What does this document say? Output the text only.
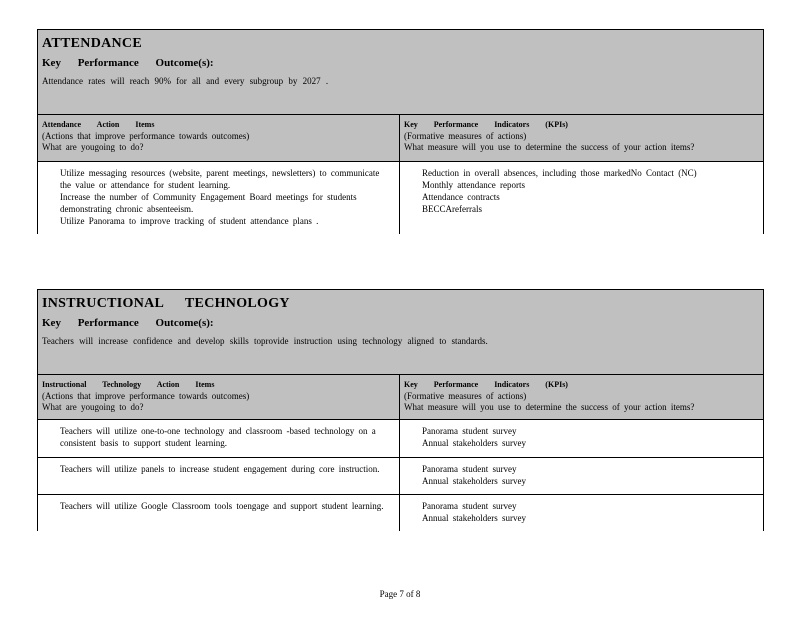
ATTENDANCE
Key Performance Outcome(s):
Attendance rates will reach 90% for all and every subgroup by 2027 .
Attendance Action Items
(Actions that improve performance towards outcomes)
What are yougoing to do?
Key Performance Indicators (KPIs)
(Formative measures of actions)
What measure will you use to determine the success of your action items?
Utilize messaging resources (website, parent meetings, newsletters) to communicate the value or attendance for student learning.
Increase the number of Community Engagement Board meetings for students demonstrating chronic absenteeism.
Utilize Panorama to improve tracking of student attendance plans .
Reduction in overall absences, including those markedNo Contact (NC)
Monthly attendance reports
Attendance contracts
BECCAreferrals
INSTRUCTIONAL TECHNOLOGY
Key Performance Outcome(s):
Teachers will increase confidence and develop skills toprovide instruction using technology aligned to standards.
Instructional Technology Action Items
(Actions that improve performance towards outcomes)
What are yougoing to do?
Key Performance Indicators (KPIs)
(Formative measures of actions)
What measure will you use to determine the success of your action items?
Teachers will utilize one-to-one technology and classroom -based technology on a consistent basis to support student learning.
Panorama student survey
Annual stakeholders survey
Teachers will utilize panels to increase student engagement during core instruction.	Panorama student survey
Annual stakeholders survey
Teachers will utilize Google Classroom tools toengage and support student learning.	Panorama student survey
Annual stakeholders survey
Page 7 of 8
